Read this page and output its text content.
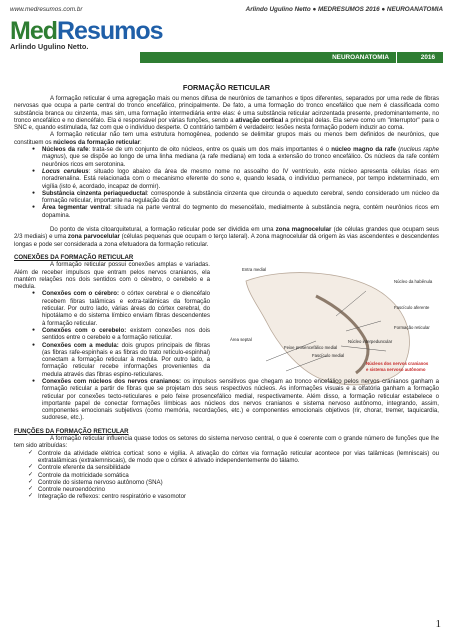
www.medresumos.com.br	Arlindo Ugulino Netto ● MEDRESUMOS 2016 ● NEUROANATOMIA
MedResumos
Arlindo Ugulino Netto.
NEUROANATOMIA	2016
FORMAÇÃO RETICULAR

A formação reticular é uma agregação mais ou menos difusa de neurônios de tamanhos e tipos diferentes, separados por uma rede de fibras nervosas que ocupa a parte central do tronco encefálico, principalmente. De fato, a uma formação do tronco encefálico que nem é classificada como substância branca ou cinzenta, mas sim, uma formação intermediária entre elas: é uma substância reticular acinzentada presente, predominantemente, no tronco encefálico e no diencéfalo. Ela é responsável por várias funções, sendo a ativação cortical a principal delas. Ela serve como um "interruptor" para o SNC e, quando estimulada, faz com que o indivíduo desperte. O contrário também é verdadeiro: lesões nesta formação podem induzir ao coma.

A formação reticular não tem uma estrutura homogênea, podendo se delimitar grupos mais ou menos bem definidos de neurônios, que constituem os núcleos da formação reticular:

● Núcleos da rafe: trata-se de um conjunto de oito núcleos, entre os quais um dos mais importantes é o núcleo magno da rafe (nucleus raphe magnus), que se dispõe ao longo de uma linha mediana (a rafe mediana) em toda a extensão do tronco encefálico. Os núcleos da rafe contém neurônios ricos em serotonina.
● Locus ceruleus: situado logo abaixo da área de mesmo nome no assoalho do IV ventrículo, este núcleo apresenta células ricas em noradrenalina. Está relacionada com o mecanismo eferente do sono e, quando lesada, o indivíduo permanece, por tempo indeterminado, em vigília (isto é, acordado, incapaz de dormir).
● Substância cinzenta periaqueductal: corresponde à substância cinzenta que circunda o aqueduto cerebral, sendo considerado um núcleo da formação reticular, importante na regulação da dor.
● Área tegmentar ventral: situada na parte ventral do tegmento do mesencéfalo, medialmente à substância negra, contém neurônios ricos em dopamina.

Do ponto de vista citoarquitetural, a formação reticular pode ser dividida em uma zona magnocelular (de células grandes que ocupam seus 2/3 mediais) e uma zona parvocelular (células pequenas que ocupam o terço lateral). A zona magnocelular dá origem às vias ascendentes e descendentes longas e pode ser considerada a zona efetuadora da formação reticular.

CONEXÕES DA FORMAÇÃO RETICULAR

A formação reticular possui conexões amplas e variadas. Além de receber impulsos que entram pelos nervos cranianos, ela mantém relações nos dois sentidos com o cérebro, o cerebelo e a medula.

● Conexões com o cérebro: o córtex cerebral e o diencéfalo recebem fibras talâmicas e extra-talâmicas da formação reticular. Por outro lado, várias áreas do córtex cerebral, do hipotálamo e do sistema límbico enviam fibras descendentes à formação reticular.
● Conexões com o cerebelo: existem conexões nos dois sentidos entre o cerebelo e a formação reticular.
● Conexões com a medula: dois grupos principais de fibras (as fibras rafe-espinhais e as fibras do trato retículo-espinhal) conectam a formação reticular à medula. Por outro lado, a formação reticular recebe informações provenientes da medula através das fibras espino-reticulares.
Entra medial
Núcleo da habênula
Fascículo aferente
Formação reticular
Núcleo interpeduncular
Feixe prosencefálico medial
Fascículo medial
Área septal
Núcleos dos nervos cranianos
e sistema nervoso autônomo
● Conexões com núcleos dos nervos cranianos: os impulsos sensitivos que chegam ao tronco encefálico pelos nervos cranianos ganham a formação reticular a partir de fibras que se projetam dos seus respectivos núcleos. As informações visuais e a olfatória ganham a formação reticular por conexões tecto-reticulares e pelo feixe prosencefálico medial, respectivamente. Além disso, a formação reticular estabelece o importante papel de conectar formações límbicas aos núcleos dos nervos cranianos e sistema nervoso autônomo, integrando, assim, componentes emocionais subjetivos (como memória, recordações, etc.) e componentes emocionais objetivos (rir, chorar, tremer, taquicardia, sudorese, etc.).
FUNÇÕES DA FORMAÇÃO RETICULAR

A formação reticular influencia quase todos os setores do sistema nervoso central, o que é coerente com o grande número de funções que lhe tem sido atribuídas:

✓ Controle da atividade elétrica cortical: sono e vigília. A ativação do córtex via formação reticular acontece por vias talâmicas (lemniscais) ou extratalâmicas (extralemniscais), de modo que o córtex é ativado independentemente do tálamo.
✓ Controle eferente da sensibilidade
✓ Controle da motricidade somática
✓ Controle do sistema nervoso autônomo (SNA)
✓ Controle neuroendócrino
✓ Integração de reflexos: centro respiratório e vasomotor
1
